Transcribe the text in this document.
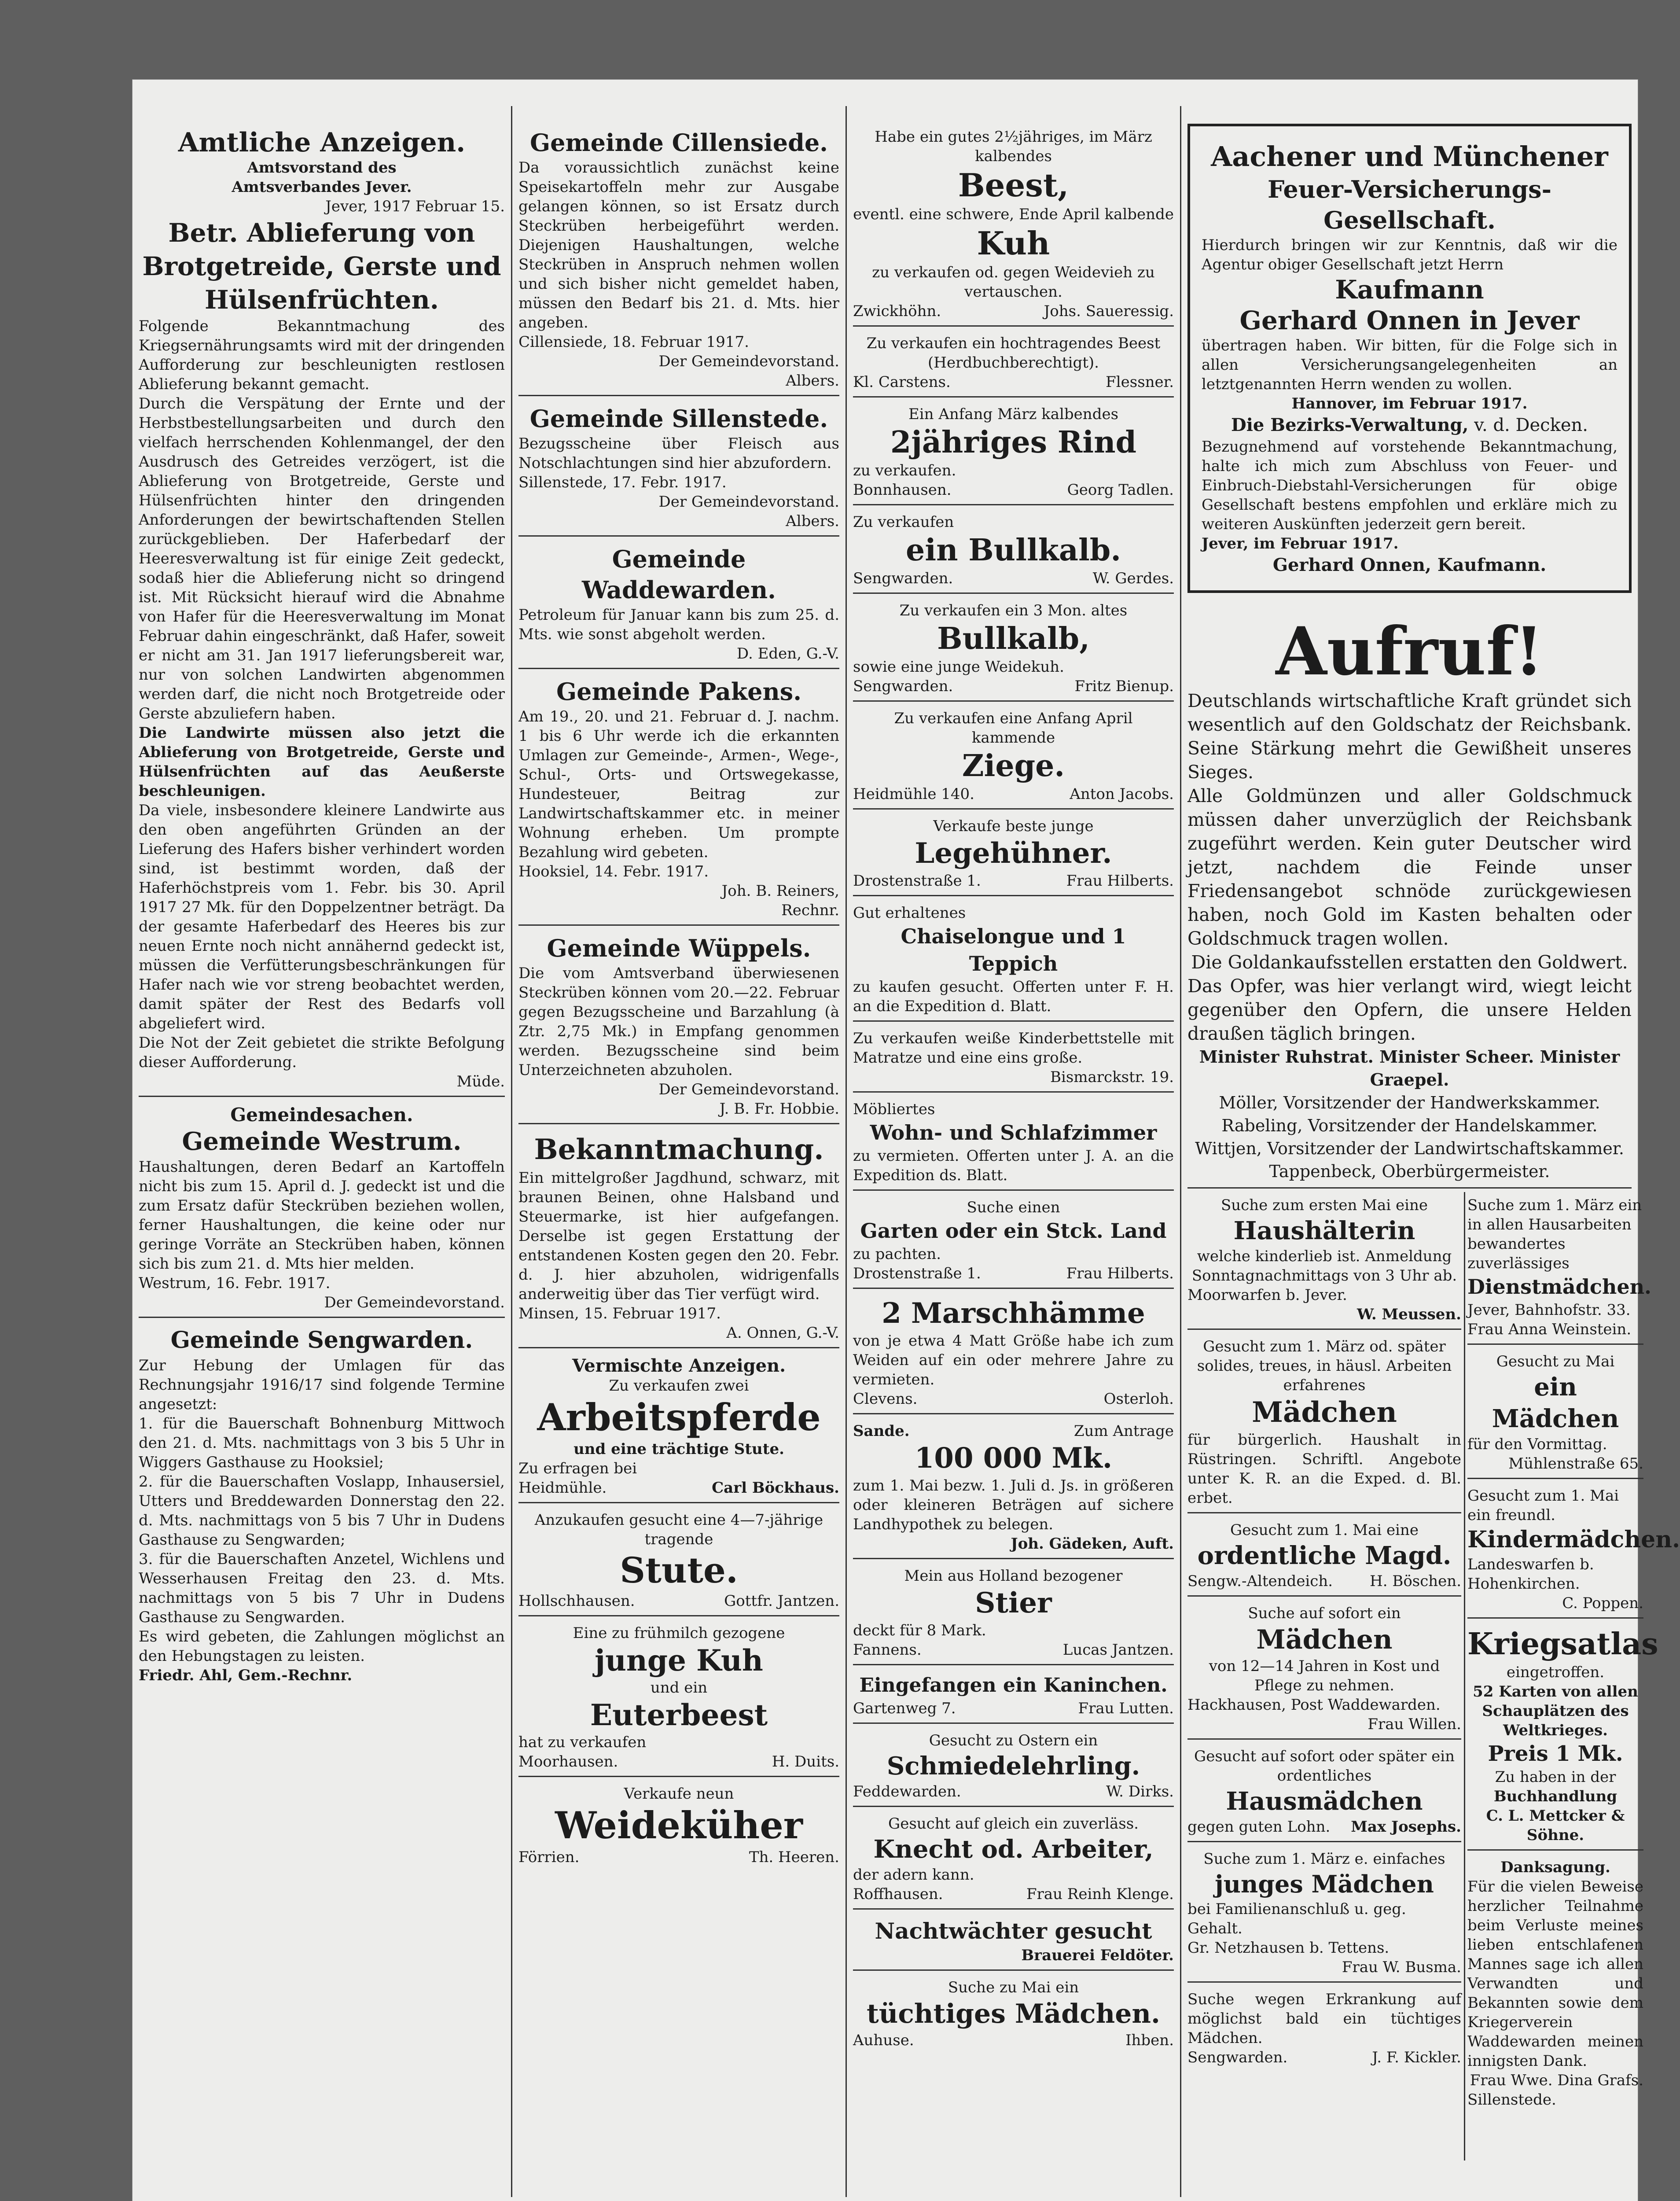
Amtliche Anzeigen.

Amtsvorstand des

Amtsverbandes Jever.

Jever, 1917 Februar 15.

Betr. Ablieferung von

Brotgetreide, Gerste und

Hülsenfrüchten.

Folgende Bekanntmachung des Kriegsernährungsamts wird mit der dringenden Aufforderung zur beschleunigten restlosen Ablieferung bekannt gemacht.

Durch die Verspätung der Ernte und der Herbstbestellungsarbeiten und durch den vielfach herrschenden Kohlenmangel, der den Ausdrusch des Getreides verzögert, ist die Ablieferung von Brotgetreide, Gerste und Hülsenfrüchten hinter den dringenden Anforderungen der bewirtschaftenden Stellen zurückgeblieben. Der Haferbedarf der Heeresverwaltung ist für einige Zeit gedeckt, sodaß hier die Ablieferung nicht so dringend ist. Mit Rücksicht hierauf wird die Abnahme von Hafer für die Heeresverwaltung im Monat Februar dahin eingeschränkt, daß Hafer, soweit er nicht am 31. Jan 1917 lieferungsbereit war, nur von solchen Landwirten abgenommen werden darf, die nicht noch Brotgetreide oder Gerste abzuliefern haben.

Die Landwirte müssen also jetzt die Ablieferung von Brotgetreide, Gerste und Hülsenfrüchten auf das Aeußerste beschleunigen.

Da viele, insbesondere kleinere Landwirte aus den oben angeführten Gründen an der Lieferung des Hafers bisher verhindert worden sind, ist bestimmt worden, daß der Haferhöchstpreis vom 1. Febr. bis 30. April 1917 27 Mk. für den Doppelzentner beträgt. Da der gesamte Haferbedarf des Heeres bis zur neuen Ernte noch nicht annähernd gedeckt ist, müssen die Verfütterungsbeschränkungen für Hafer nach wie vor streng beobachtet werden, damit später der Rest des Bedarfs voll abgeliefert wird.

Die Not der Zeit gebietet die strikte Befolgung dieser Aufforderung.

Müde.

Gemeindesachen.

Gemeinde Westrum.

Haushaltungen, deren Bedarf an Kartoffeln nicht bis zum 15. April d. J. gedeckt ist und die zum Ersatz dafür Steckrüben beziehen wollen, ferner Haushaltungen, die keine oder nur geringe Vorräte an Steckrüben haben, können sich bis zum 21. d. Mts hier melden.

Westrum, 16. Febr. 1917.

Der Gemeindevorstand.

Gemeinde Sengwarden.

Zur Hebung der Umlagen für das Rechnungsjahr 1916/17 sind folgende Termine angesetzt:

1. für die Bauerschaft Bohnenburg Mittwoch den 21. d. Mts. nachmittags von 3 bis 5 Uhr in Wiggers Gasthause zu Hooksiel;

2. für die Bauerschaften Voslapp, Inhausersiel, Utters und Breddewarden Donnerstag den 22. d. Mts. nachmittags von 5 bis 7 Uhr in Dudens Gasthause zu Sengwarden;

3. für die Bauerschaften Anzetel, Wichlens und Wesserhausen Freitag den 23. d. Mts. nachmittags von 5 bis 7 Uhr in Dudens Gasthause zu Sengwarden.

Es wird gebeten, die Zahlungen möglichst an den Hebungstagen zu leisten.

Friedr. Ahl, Gem.-Rechnr.

Gemeinde Cillensiede.

Da voraussichtlich zunächst keine Speisekartoffeln mehr zur Ausgabe gelangen können, so ist Ersatz durch Steckrüben herbeigeführt werden. Diejenigen Haushaltungen, welche Steckrüben in Anspruch nehmen wollen und sich bisher nicht gemeldet haben, müssen den Bedarf bis 21. d. Mts. hier angeben.

Cillensiede, 18. Februar 1917.

Der Gemeindevorstand.

Albers.

Gemeinde Sillenstede.

Bezugsscheine über Fleisch aus Notschlachtungen sind hier abzufordern.

Sillenstede, 17. Febr. 1917.

Der Gemeindevorstand.

Albers.

Gemeinde Waddewarden.

Petroleum für Januar kann bis zum 25. d. Mts. wie sonst abgeholt werden.

D. Eden, G.-V.

Gemeinde Pakens.

Am 19., 20. und 21. Februar d. J. nachm. 1 bis 6 Uhr werde ich die erkannten Umlagen zur Gemeinde-, Armen-, Wege-, Schul-, Orts- und Ortswegekasse, Hundesteuer, Beitrag zur Landwirtschaftskammer etc. in meiner Wohnung erheben. Um prompte Bezahlung wird gebeten.

Hooksiel, 14. Febr. 1917.

Joh. B. Reiners,

Rechnr.

Gemeinde Wüppels.

Die vom Amtsverband überwiesenen Steckrüben können vom 20.—22. Februar gegen Bezugsscheine und Barzahlung (à Ztr. 2,75 Mk.) in Empfang genommen werden. Bezugsscheine sind beim Unterzeichneten abzuholen.

Der Gemeindevorstand.

J. B. Fr. Hobbie.

Bekanntmachung.

Ein mittelgroßer Jagdhund, schwarz, mit braunen Beinen, ohne Halsband und Steuermarke, ist hier aufgefangen. Derselbe ist gegen Erstattung der entstandenen Kosten gegen den 20. Febr. d. J. hier abzuholen, widrigenfalls anderweitig über das Tier verfügt wird.

Minsen, 15. Februar 1917.

A. Onnen, G.-V.

Vermischte Anzeigen.

Zu verkaufen zwei

Arbeitspferde

und eine trächtige Stute.

Zu erfragen bei

Heidmühle.	Carl Böckhaus.

Anzukaufen gesucht eine 4—7-jährige tragende

Stute.

Hollschhausen.	Gottfr. Jantzen.

Eine zu frühmilch gezogene

junge Kuh

und ein

Euterbeest

hat zu verkaufen

Moorhausen.	H. Duits.

Verkaufe neun

Weideküher

Förrien.	Th. Heeren.

Habe ein gutes 2½jähriges, im März kalbendes

Beest,

eventl. eine schwere, Ende April kalbende

Kuh

zu verkaufen od. gegen Weidevieh zu vertauschen.

Zwickhöhn.	Johs. Saueressig.

Zu verkaufen ein hochtragendes Beest (Herdbuchberechtigt).

Kl. Carstens.	Flessner.

Ein Anfang März kalbendes

2jähriges Rind

zu verkaufen.

Bonnhausen.	Georg Tadlen.

Zu verkaufen

ein Bullkalb.

Sengwarden.	W. Gerdes.

Zu verkaufen ein 3 Mon. altes

Bullkalb,

sowie eine junge Weidekuh.

Sengwarden.	Fritz Bienup.

Zu verkaufen eine Anfang April kammende

Ziege.

Heidmühle 140.	Anton Jacobs.

Verkaufe beste junge

Legehühner.

Drostenstraße 1.	Frau Hilberts.

Gut erhaltenes

Chaiselongue und 1 Teppich

zu kaufen gesucht. Offerten unter F. H. an die Expedition d. Blatt.

Zu verkaufen weiße Kinderbettstelle mit Matratze und eine eins große.

Bismarckstr. 19.

Möbliertes

Wohn- und Schlafzimmer

zu vermieten. Offerten unter J. A. an die Expedition ds. Blatt.

Suche einen

Garten oder ein Stck. Land

zu pachten.

Drostenstraße 1.	Frau Hilberts.

2 Marschhämme

von je etwa 4 Matt Größe habe ich zum Weiden auf ein oder mehrere Jahre zu vermieten.

Clevens.	Osterloh.
Sande.	Zum Antrage

100 000 Mk.

zum 1. Mai bezw. 1. Juli d. Js. in größeren oder kleineren Beträgen auf sichere Landhypothek zu belegen.

Joh. Gädeken, Auft.

Mein aus Holland bezogener

Stier

deckt für 8 Mark.

Fannens.	Lucas Jantzen.

Eingefangen ein Kaninchen.

Gartenweg 7.	Frau Lutten.

Gesucht zu Ostern ein

Schmiedelehrling.

Feddewarden.	W. Dirks.

Gesucht auf gleich ein zuverläss.

Knecht od. Arbeiter,

der adern kann.

Roffhausen.	Frau Reinh Klenge.

Nachtwächter gesucht

Brauerei Feldöter.

Suche zu Mai ein

tüchtiges Mädchen.

Auhuse.	Ihben.

Aachener und Münchener

Feuer-Versicherungs-Gesellschaft.

Hierdurch bringen wir zur Kenntnis, daß wir die Agentur obiger Gesellschaft jetzt Herrn

Kaufmann

Gerhard Onnen in Jever

übertragen haben. Wir bitten, für die Folge sich in allen Versicherungsangelegenheiten an letztgenannten Herrn wenden zu wollen.

Hannover, im Februar 1917.

Die Bezirks-Verwaltung, v. d. Decken.

Bezugnehmend auf vorstehende Bekanntmachung, halte ich mich zum Abschluss von Feuer- und Einbruch-Diebstahl-Versicherungen für obige Gesellschaft bestens empfohlen und erkläre mich zu weiteren Auskünften jederzeit gern bereit.

Jever, im Februar 1917.

Gerhard Onnen, Kaufmann.

Aufruf!

Deutschlands wirtschaftliche Kraft gründet sich wesentlich auf den Goldschatz der Reichsbank. Seine Stärkung mehrt die Gewißheit unseres Sieges.

Alle Goldmünzen und aller Goldschmuck müssen daher unverzüglich der Reichsbank zugeführt werden. Kein guter Deutscher wird jetzt, nachdem die Feinde unser Friedensangebot schnöde zurückgewiesen haben, noch Gold im Kasten behalten oder Goldschmuck tragen wollen.

Die Goldankaufsstellen erstatten den Goldwert.

Das Opfer, was hier verlangt wird, wiegt leicht gegenüber den Opfern, die unsere Helden draußen täglich bringen.

Minister Ruhstrat. Minister Scheer. Minister Graepel.

Möller, Vorsitzender der Handwerkskammer.

Rabeling, Vorsitzender der Handelskammer.

Wittjen, Vorsitzender der Landwirtschaftskammer.

Tappenbeck, Oberbürgermeister.

Suche zum ersten Mai eine

Haushälterin

welche kinderlieb ist. Anmeldung Sonntagnachmittags von 3 Uhr ab.

Moorwarfen b. Jever.

W. Meussen.

Gesucht zum 1. März od. später solides, treues, in häusl. Arbeiten erfahrenes

Mädchen

für bürgerlich. Haushalt in Rüstringen. Schriftl. Angebote unter K. R. an die Exped. d. Bl. erbet.

Gesucht zum 1. Mai eine

ordentliche Magd.

Sengw.-Altendeich. H. Böschen.

Suche auf sofort ein

Mädchen

von 12—14 Jahren in Kost und Pflege zu nehmen.

Hackhausen, Post Waddewarden.

Frau Willen.

Gesucht auf sofort oder später ein ordentliches

Hausmädchen

gegen guten Lohn. Max Josephs.

Suche zum 1. März e. einfaches

junges Mädchen

bei Familienanschluß u. geg. Gehalt.

Gr. Netzhausen b. Tettens.

Frau W. Busma.

Suche wegen Erkrankung auf möglichst bald ein tüchtiges Mädchen.

Sengwarden.	J. F. Kickler.

Suche zum 1. März ein in allen Hausarbeiten bewandertes zuverlässiges

Dienstmädchen.

Jever, Bahnhofstr. 33.

Frau Anna Weinstein.

Gesucht zu Mai

ein Mädchen

für den Vormittag.

Mühlenstraße 65.

Gesucht zum 1. Mai ein freundl.

Kindermädchen.

Landeswarfen b. Hohenkirchen.

C. Poppen.

Kriegsatlas

eingetroffen.

52 Karten von allen Schauplätzen des Weltkrieges.

Preis 1 Mk.

Zu haben in der

Buchhandlung

C. L. Mettcker & Söhne.

Danksagung.

Für die vielen Beweise herzlicher Teilnahme beim Verluste meines lieben entschlafenen Mannes sage ich allen Verwandten und Bekannten sowie dem Kriegerverein Waddewarden meinen innigsten Dank.

Frau Wwe. Dina Grafs.

Sillenstede.
